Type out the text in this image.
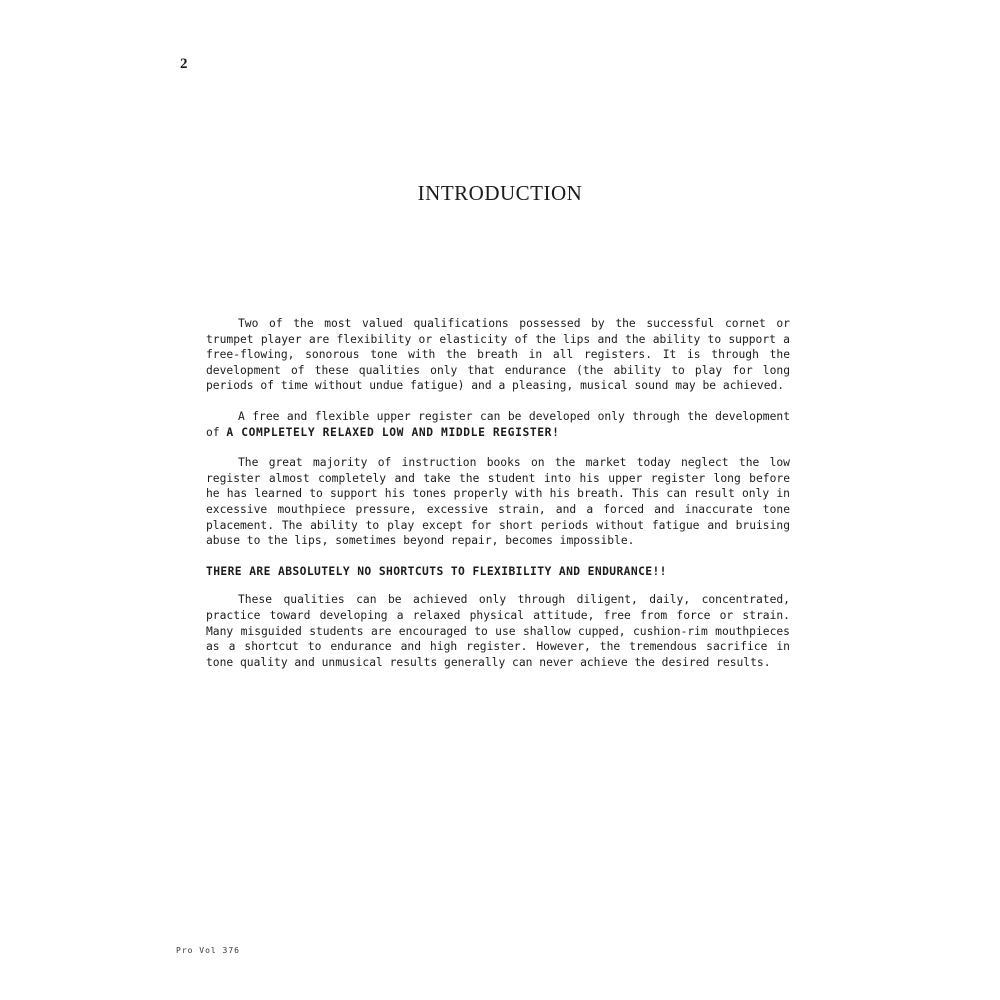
2
INTRODUCTION

Two of the most valued qualifications possessed by the successful cornet or trumpet player are flexibility or elasticity of the lips and the ability to support a free-flowing, sonorous tone with the breath in all registers. It is through the development of these qualities only that endurance (the ability to play for long periods of time without undue fatigue) and a pleasing, musical sound may be achieved.

A free and flexible upper register can be developed only through the development of A COMPLETELY RELAXED LOW AND MIDDLE REGISTER!

The great majority of instruction books on the market today neglect the low register almost completely and take the student into his upper register long before he has learned to support his tones properly with his breath. This can result only in excessive mouthpiece pressure, excessive strain, and a forced and inaccurate tone placement. The ability to play except for short periods without fatigue and bruising abuse to the lips, sometimes beyond repair, becomes impossible.

THERE ARE ABSOLUTELY NO SHORTCUTS TO FLEXIBILITY AND ENDURANCE!!

These qualities can be achieved only through diligent, daily, concentrated, practice toward developing a relaxed physical attitude, free from force or strain. Many misguided students are encouraged to use shallow cupped, cushion-rim mouthpieces as a shortcut to endurance and high register. However, the tremendous sacrifice in tone quality and unmusical results generally can never achieve the desired results.

Pro Vol 376
